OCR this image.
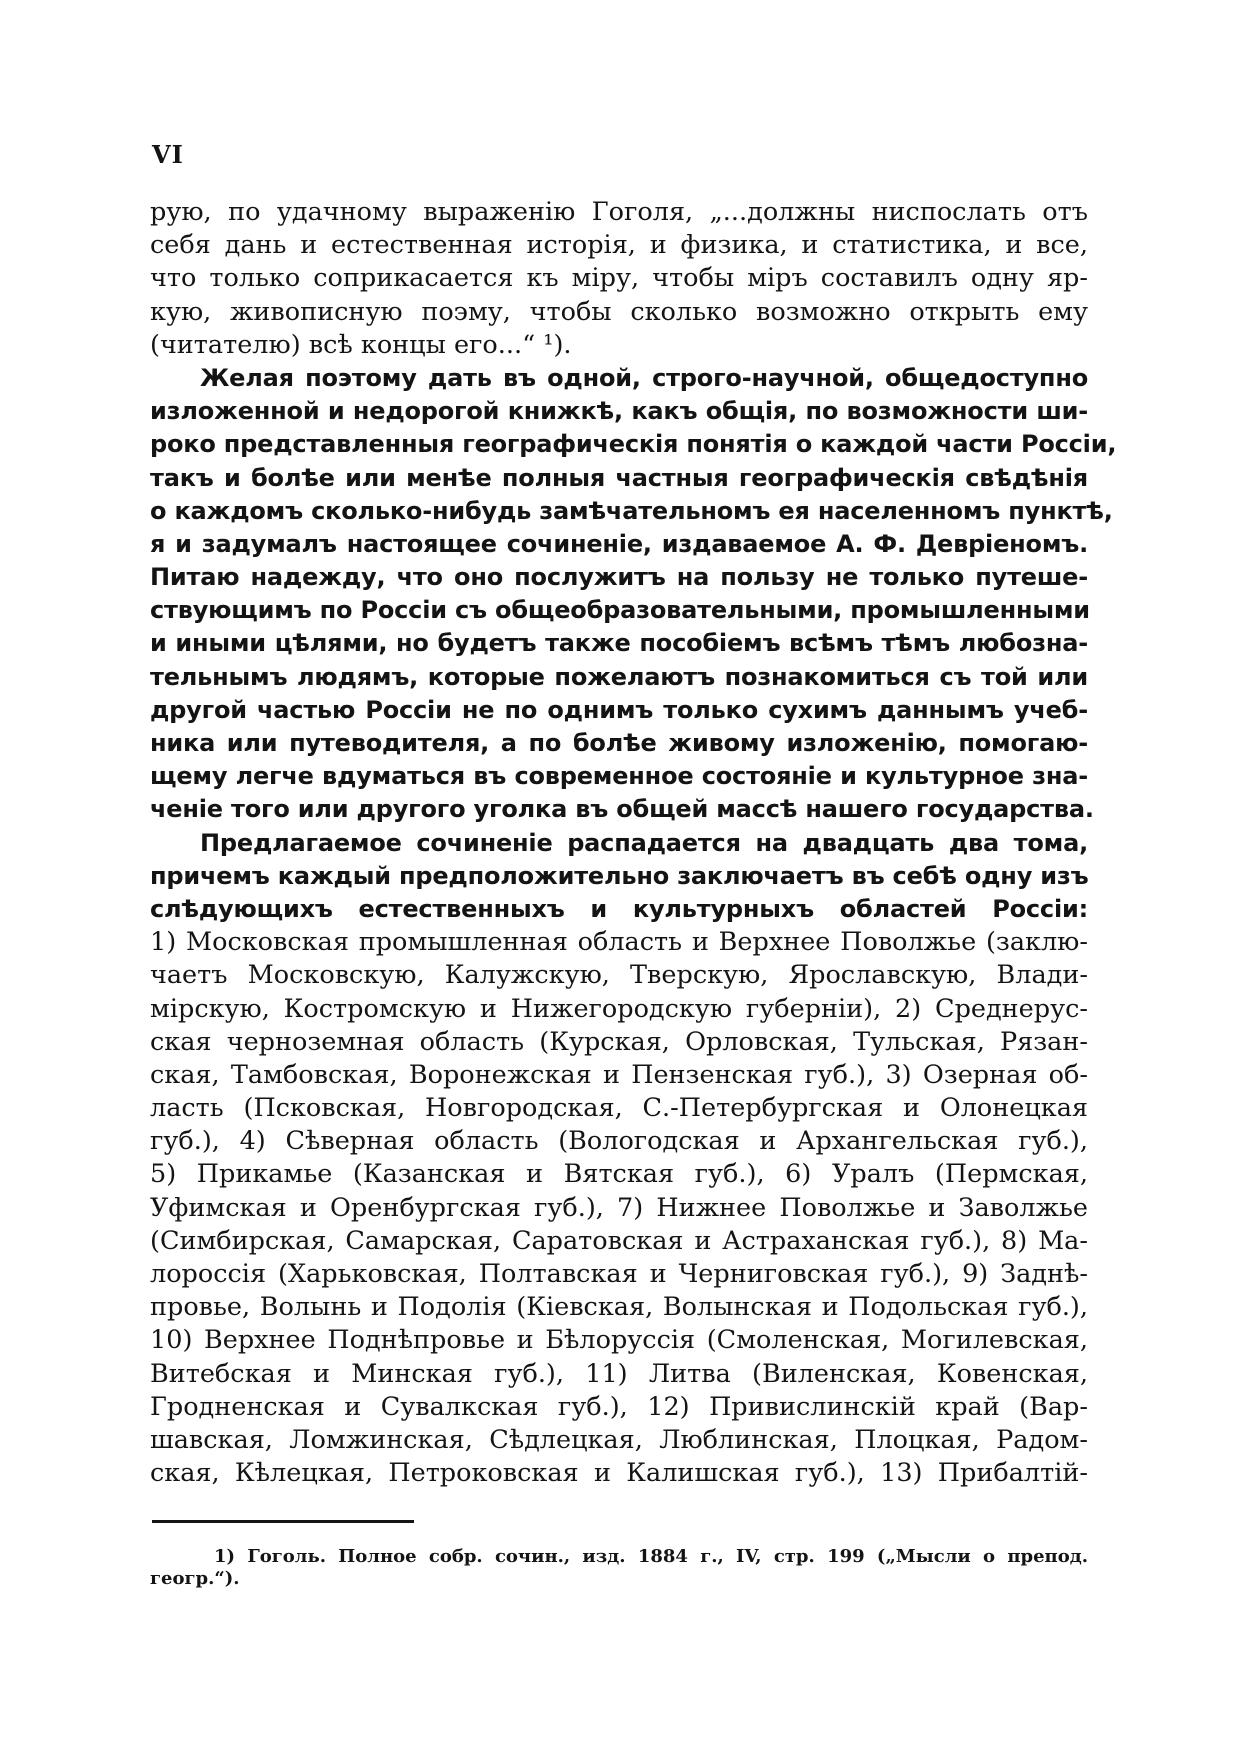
VI
рую, по удачному выраженію Гоголя, „...должны ниспослать отъ
себя дань и естественная исторія, и физика, и статистика, и все,
что только соприкасается къ міру, чтобы міръ составилъ одну яр-
кую, живописную поэму, чтобы сколько возможно открыть ему
(читателю) всѣ концы его...“ ¹).
Желая поэтому дать въ одной, строго-научной, общедоступно
изложенной и недорогой книжкѣ, какъ общія, по возможности ши-
роко представленныя географическія понятія о каждой части Россіи,
такъ и болѣе или менѣе полныя частныя географическія свѣдѣнія
о каждомъ сколько-нибудь замѣчательномъ ея населенномъ пунктѣ,
я и задумалъ настоящее сочиненіе, издаваемое А. Ф. Девріеномъ.
Питаю надежду, что оно послужитъ на пользу не только путеше-
ствующимъ по Россіи съ общеобразовательными, промышленными
и иными цѣлями, но будетъ также пособіемъ всѣмъ тѣмъ любозна-
тельнымъ людямъ, которые пожелаютъ познакомиться съ той или
другой частью Россіи не по однимъ только сухимъ даннымъ учеб-
ника или путеводителя, а по болѣе живому изложенію, помогаю-
щему легче вдуматься въ современное состояніе и культурное зна-
ченіе того или другого уголка въ общей массѣ нашего государства.
Предлагаемое сочиненіе распадается на двадцать два тома,
причемъ каждый предположительно заключаетъ въ себѣ одну изъ
слѣдующихъ естественныхъ и культурныхъ областей Россіи:
1) Московская промышленная область и Верхнее Поволжье (заклю-
чаетъ Московскую, Калужскую, Тверскую, Ярославскую, Влади-
мірскую, Костромскую и Нижегородскую губерніи), 2) Среднерус-
ская черноземная область (Курская, Орловская, Тульская, Рязан-
ская, Тамбовская, Воронежская и Пензенская губ.), 3) Озерная об-
ласть (Псковская, Новгородская, С.-Петербургская и Олонецкая
губ.), 4) Сѣверная область (Вологодская и Архангельская губ.),
5) Прикамье (Казанская и Вятская губ.), 6) Уралъ (Пермская,
Уфимская и Оренбургская губ.), 7) Нижнее Поволжье и Заволжье
(Симбирская, Самарская, Саратовская и Астраханская губ.), 8) Ма-
лороссія (Харьковская, Полтавская и Черниговская губ.), 9) Заднѣ-
провье, Волынь и Подолія (Кіевская, Волынская и Подольская губ.),
10) Верхнее Поднѣпровье и Бѣлоруссія (Смоленская, Могилевская,
Витебская и Минская губ.), 11) Литва (Виленская, Ковенская,
Гродненская и Сувалкская губ.), 12) Привислинскій край (Вар-
шавская, Ломжинская, Сѣдлецкая, Люблинская, Плоцкая, Радом-
ская, Кѣлецкая, Петроковская и Калишская губ.), 13) Прибалтій-
1) Гоголь. Полное собр. сочин., изд. 1884 г., IV, стр. 199 („Мысли о препод.
геогр.“).
